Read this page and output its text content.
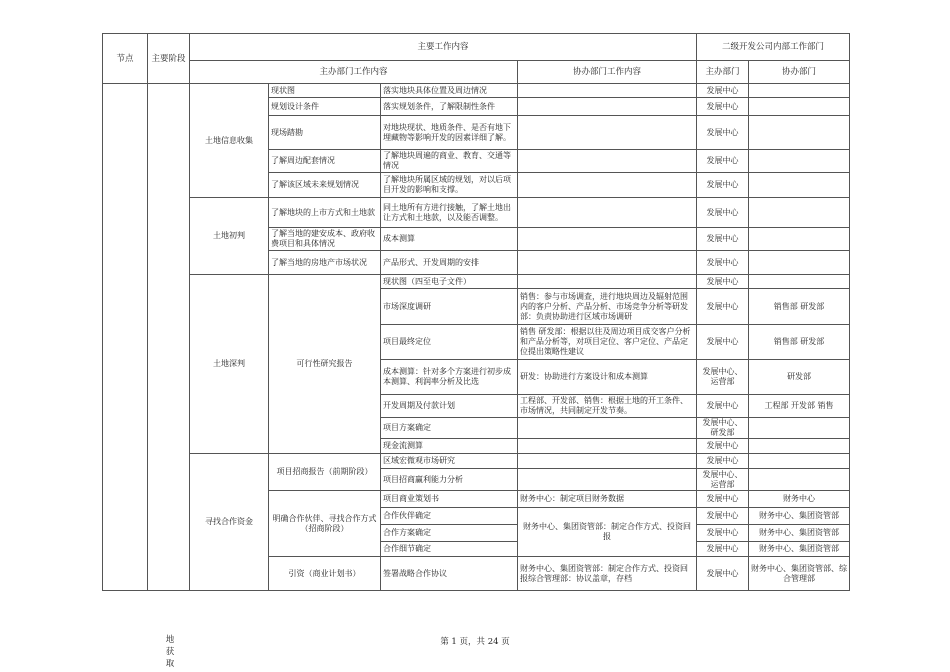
节点	主要阶段	主要工作内容				二级开发公司内部工作部门	
		主办部门工作内容			协办部门工作内容	主办部门	协办部门
		土地信息收集	现状图	落实地块具体位置及周边情况		发展中心	
			规划设计条件	落实规划条件，了解限制性条件		发展中心	
			现场踏勘	对地块现状、地质条件、是否有地下埋藏物等影响开发的因素详细了解。		发展中心	
			了解周边配套情况	了解地块周遍的商业、教育、交通等情况		发展中心	
			了解该区域未来规划情况	了解地块所属区域的规划，对以后项目开发的影响和支撑。		发展中心	
		土地初判	了解地块的上市方式和土地款	同土地所有方进行接触，了解土地出让方式和土地款，以及能否调整。		发展中心	
			了解当地的建安成本、政府收费项目和具体情况	成本测算		发展中心	
			了解当地的房地产市场状况	产品形式、开发周期的安排		发展中心	
		土地深判	可行性研究报告	现状图（四至电子文件）		发展中心	
				市场深度调研	销售：参与市场调查，进行地块周边及辐射范围内的客户分析、产品分析、市场竞争分析等研发部：负责协助进行区域市场调研	发展中心	销售部 研发部
				项目最终定位	销售 研发部：根据以往及周边项目成交客户分析和产品分析等，对项目定位、客户定位、产品定位提出策略性建议	发展中心	销售部 研发部
				成本测算：针对多个方案进行初步成本测算、利润率分析及比选	研发：协助进行方案设计和成本测算	发展中心、运营部	研发部
				开发周期及付款计划	工程部、开发部、销售：根据土地的开工条件、市场情况，共同制定开发节奏。	发展中心	工程部 开发部 销售
				项目方案确定		发展中心、研发部	
				现金流测算		发展中心	
		寻找合作资金	项目招商报告（前期阶段）	区域宏微观市场研究		发展中心	
				项目招商赢利能力分析		发展中心、运营部	
			明确合作伙伴、寻找合作方式（招商阶段）	项目商业策划书	财务中心：制定项目财务数据	发展中心	财务中心
				合作伙伴确定	财务中心、集团资管部：制定合作方式、投资回报	发展中心	财务中心、集团资管部
				合作方案确定		发展中心	财务中心、集团资管部
				合作细节确定		发展中心	财务中心、集团资管部
			引资（商业计划书）	签署战略合作协议	财务中心、集团资管部：制定合作方式、投资回报综合管理部：协议盖章，存档	发展中心	财务中心、集团资管部、综合管理部
第 1 页，共 24 页
地获取
